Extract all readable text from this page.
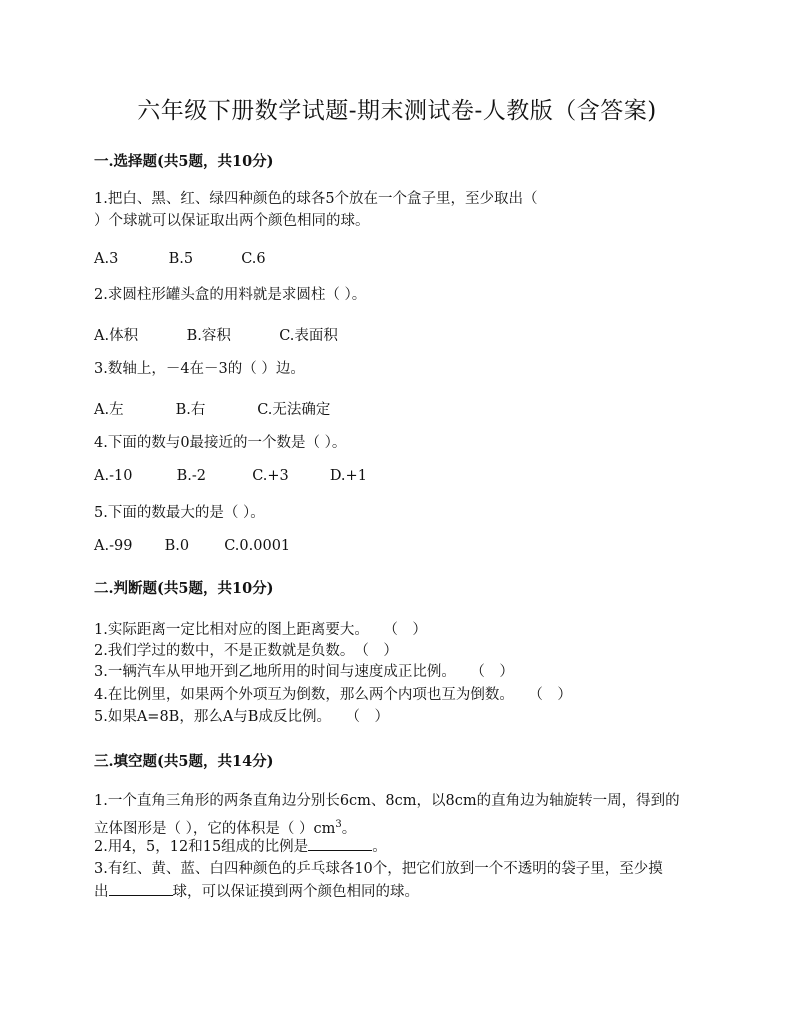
六年级下册数学试题-期末测试卷-人教版（含答案)
一.选择题(共5题，共10分)
1.把白、黑、红、绿四种颜色的球各5个放在一个盒子里，至少取出（
）个球就可以保证取出两个颜色相同的球。
A.3	B.5	C.6
2.求圆柱形罐头盒的用料就是求圆柱（ ）。
A.体积	B.容积	C.表面积
3.数轴上，－4在－3的（ ）边。
A.左	B.右	C.无法确定
4.下面的数与0最接近的一个数是（ ）。
A.-10	B.-2	C.+3	D.+1
5.下面的数最大的是（ ）。
A.-99 B.0 C.0.0001
二.判断题(共5题，共10分)
1.实际距离一定比相对应的图上距离要大。　　（　）
2.我们学过的数中，不是正数就是负数。　（　）
3.一辆汽车从甲地开到乙地所用的时间与速度成正比例。　　（　）
4.在比例里，如果两个外项互为倒数，那么两个内项也互为倒数。　　（　）
5.如果A=8B，那么A与B成反比例。　　（　）
三.填空题(共5题，共14分)
1.一个直角三角形的两条直角边分别长6cm、8cm，以8cm的直角边为轴旋转一周，得到的
立体图形是（ ），它的体积是（ ）$cm^3$。
2.用4，5，12和15组成的比例是	。
3.有红、黄、蓝、白四种颜色的乒乓球各10个，把它们放到一个不透明的袋子里，至少摸
出	球，可以保证摸到两个颜色相同的球。
